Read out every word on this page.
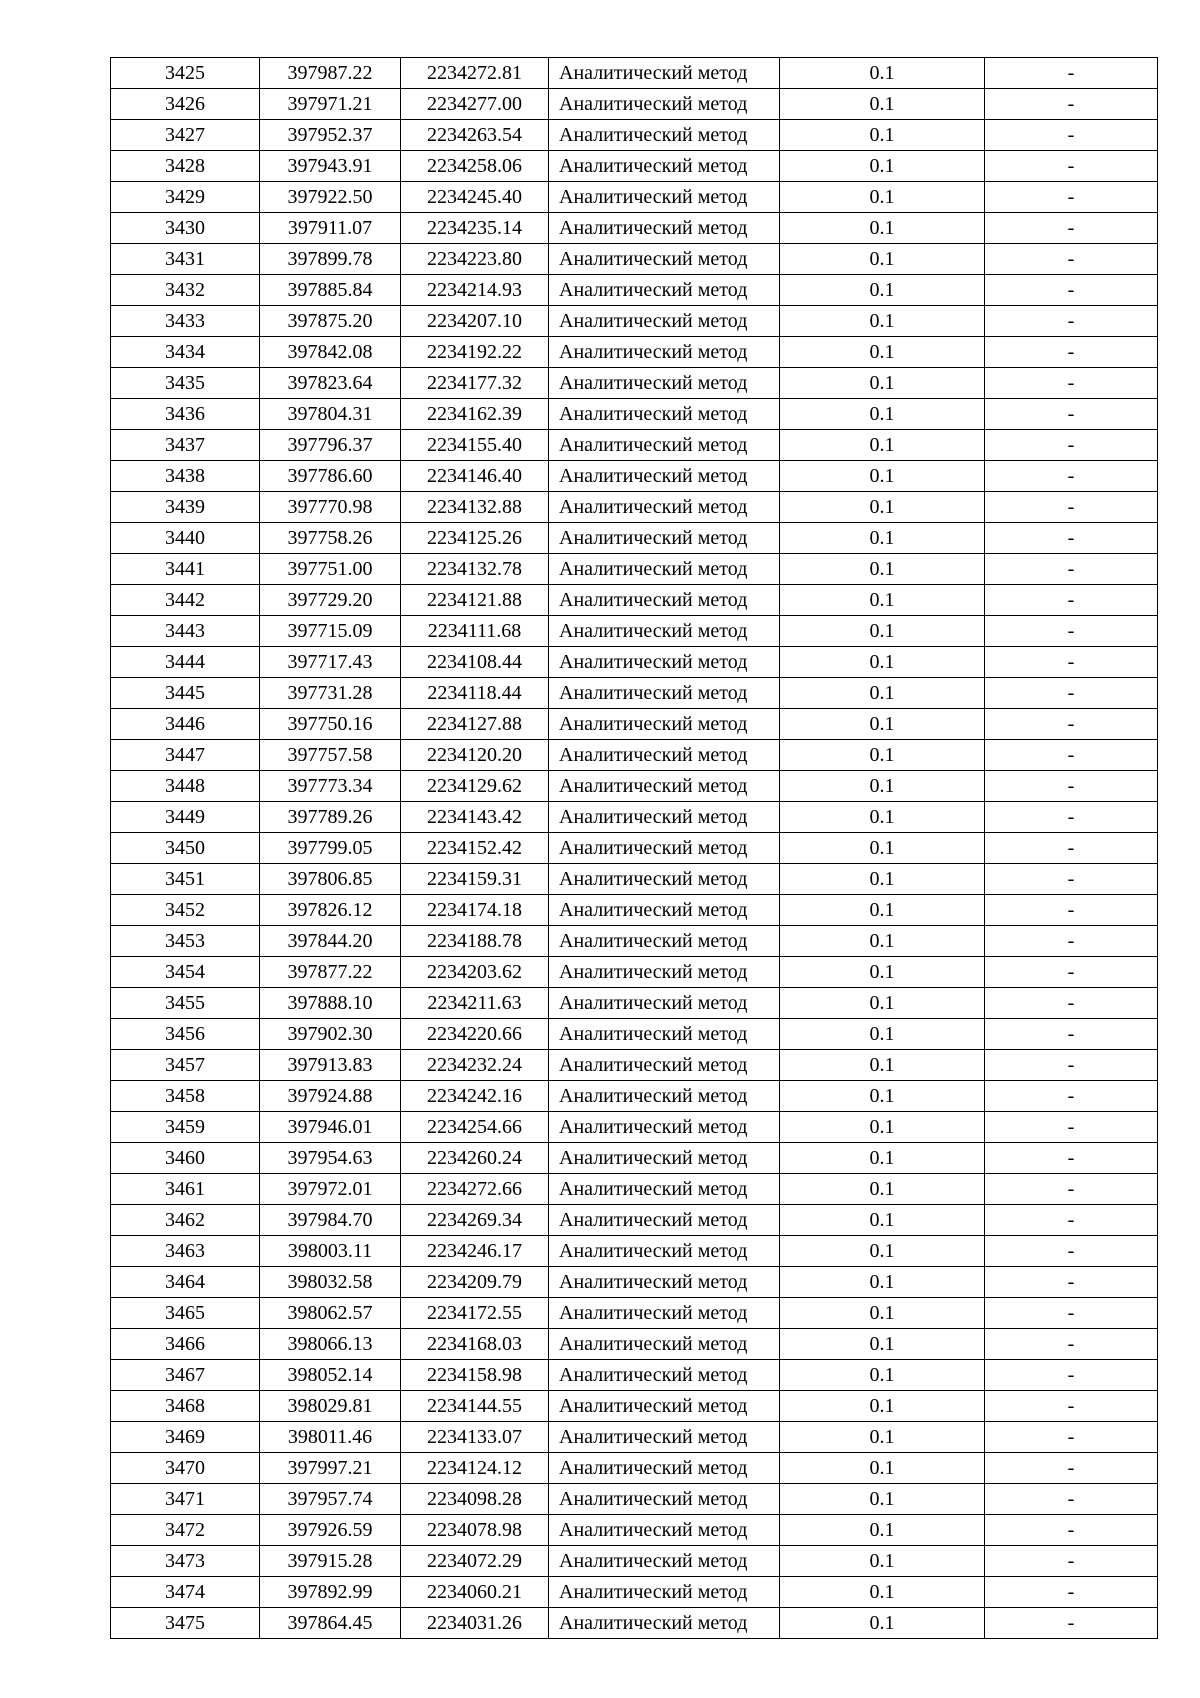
3425	397987.22	2234272.81	Аналитический метод	0.1	-
3426	397971.21	2234277.00	Аналитический метод	0.1	-
3427	397952.37	2234263.54	Аналитический метод	0.1	-
3428	397943.91	2234258.06	Аналитический метод	0.1	-
3429	397922.50	2234245.40	Аналитический метод	0.1	-
3430	397911.07	2234235.14	Аналитический метод	0.1	-
3431	397899.78	2234223.80	Аналитический метод	0.1	-
3432	397885.84	2234214.93	Аналитический метод	0.1	-
3433	397875.20	2234207.10	Аналитический метод	0.1	-
3434	397842.08	2234192.22	Аналитический метод	0.1	-
3435	397823.64	2234177.32	Аналитический метод	0.1	-
3436	397804.31	2234162.39	Аналитический метод	0.1	-
3437	397796.37	2234155.40	Аналитический метод	0.1	-
3438	397786.60	2234146.40	Аналитический метод	0.1	-
3439	397770.98	2234132.88	Аналитический метод	0.1	-
3440	397758.26	2234125.26	Аналитический метод	0.1	-
3441	397751.00	2234132.78	Аналитический метод	0.1	-
3442	397729.20	2234121.88	Аналитический метод	0.1	-
3443	397715.09	2234111.68	Аналитический метод	0.1	-
3444	397717.43	2234108.44	Аналитический метод	0.1	-
3445	397731.28	2234118.44	Аналитический метод	0.1	-
3446	397750.16	2234127.88	Аналитический метод	0.1	-
3447	397757.58	2234120.20	Аналитический метод	0.1	-
3448	397773.34	2234129.62	Аналитический метод	0.1	-
3449	397789.26	2234143.42	Аналитический метод	0.1	-
3450	397799.05	2234152.42	Аналитический метод	0.1	-
3451	397806.85	2234159.31	Аналитический метод	0.1	-
3452	397826.12	2234174.18	Аналитический метод	0.1	-
3453	397844.20	2234188.78	Аналитический метод	0.1	-
3454	397877.22	2234203.62	Аналитический метод	0.1	-
3455	397888.10	2234211.63	Аналитический метод	0.1	-
3456	397902.30	2234220.66	Аналитический метод	0.1	-
3457	397913.83	2234232.24	Аналитический метод	0.1	-
3458	397924.88	2234242.16	Аналитический метод	0.1	-
3459	397946.01	2234254.66	Аналитический метод	0.1	-
3460	397954.63	2234260.24	Аналитический метод	0.1	-
3461	397972.01	2234272.66	Аналитический метод	0.1	-
3462	397984.70	2234269.34	Аналитический метод	0.1	-
3463	398003.11	2234246.17	Аналитический метод	0.1	-
3464	398032.58	2234209.79	Аналитический метод	0.1	-
3465	398062.57	2234172.55	Аналитический метод	0.1	-
3466	398066.13	2234168.03	Аналитический метод	0.1	-
3467	398052.14	2234158.98	Аналитический метод	0.1	-
3468	398029.81	2234144.55	Аналитический метод	0.1	-
3469	398011.46	2234133.07	Аналитический метод	0.1	-
3470	397997.21	2234124.12	Аналитический метод	0.1	-
3471	397957.74	2234098.28	Аналитический метод	0.1	-
3472	397926.59	2234078.98	Аналитический метод	0.1	-
3473	397915.28	2234072.29	Аналитический метод	0.1	-
3474	397892.99	2234060.21	Аналитический метод	0.1	-
3475	397864.45	2234031.26	Аналитический метод	0.1	-
